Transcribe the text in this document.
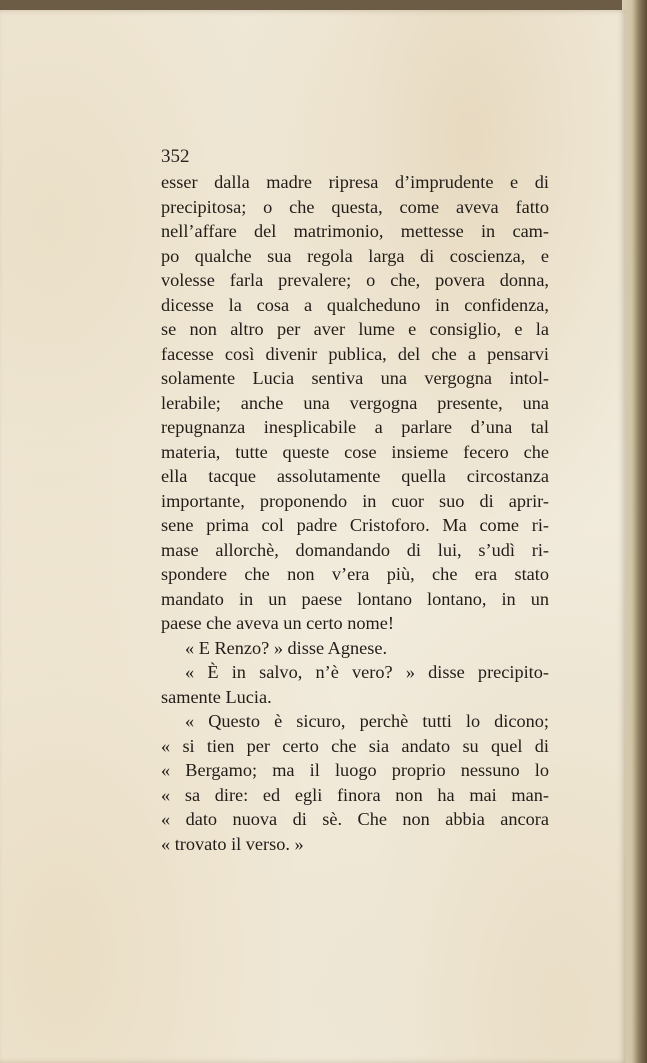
352
esser dalla madre ripresa d’imprudente e di
precipitosa; o che questa, come aveva fatto
nell’affare del matrimonio, mettesse in cam-
po qualche sua regola larga di coscienza, e
volesse farla prevalere; o che, povera donna,
dicesse la cosa a qualcheduno in confidenza,
se non altro per aver lume e consiglio, e la
facesse così divenir publica, del che a pensarvi
solamente Lucia sentiva una vergogna intol-
lerabile; anche una vergogna presente, una
repugnanza inesplicabile a parlare d’una tal
materia, tutte queste cose insieme fecero che
ella tacque assolutamente quella circostanza
importante, proponendo in cuor suo di aprir-
sene prima col padre Cristoforo. Ma come ri-
mase allorchè, domandando di lui, s’udì ri-
spondere che non v’era più, che era stato
mandato in un paese lontano lontano, in un
paese che aveva un certo nome!
« E Renzo? » disse Agnese.
« È in salvo, n’è vero? » disse precipito-
samente Lucia.
« Questo è sicuro, perchè tutti lo dicono;
« si tien per certo che sia andato su quel di
« Bergamo; ma il luogo proprio nessuno lo
« sa dire: ed egli finora non ha mai man-
« dato nuova di sè. Che non abbia ancora
« trovato il verso. »
